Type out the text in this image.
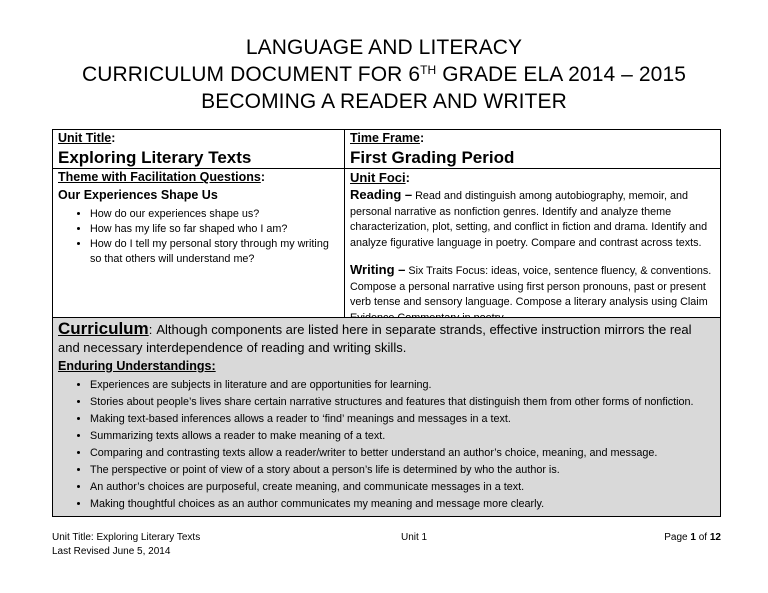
LANGUAGE AND LITERACY
CURRICULUM DOCUMENT FOR 6TH GRADE ELA 2014 – 2015
BECOMING A READER AND WRITER
Unit Title:
Exploring Literary Texts
Time Frame:
First Grading Period
Theme with Facilitation Questions:
Our Experiences Shape Us
• How do our experiences shape us?
• How has my life so far shaped who I am?
• How do I tell my personal story through my writing so that others will understand me?
Unit Foci:
Reading – Read and distinguish among autobiography, memoir, and personal narrative as nonfiction genres. Identify and analyze theme characterization, plot, setting, and conflict in fiction and drama. Identify and analyze figurative language in poetry. Compare and contrast across texts.
Writing – Six Traits Focus: ideas, voice, sentence fluency, & conventions. Compose a personal narrative using first person pronouns, past or present verb tense and sensory language. Compose a literary analysis using Claim
Curriculum: Although components are listed here in separate strands, effective instruction mirrors the real and necessary interdependence of reading and writing skills.
Enduring Understandings:
• Experiences are subjects in literature and are opportunities for learning.
• Stories about people’s lives share certain narrative structures and features that distinguish them from other forms of nonfiction.
• Making text-based inferences allows a reader to ‘find’ meanings and messages in a text.
• Summarizing texts allows a reader to make meaning of a text.
• Comparing and contrasting texts allow a reader/writer to better understand an author’s choice, meaning, and message.
• The perspective or point of view of a story about a person’s life is determined by who the author is.
• An author’s choices are purposeful, create meaning, and communicate messages in a text.
• Making thoughtful choices as an author communicates my meaning and message more clearly.
Unit Title: Exploring Literary Texts
Last Revised June 5, 2014
Unit 1	Page 1 of 12
